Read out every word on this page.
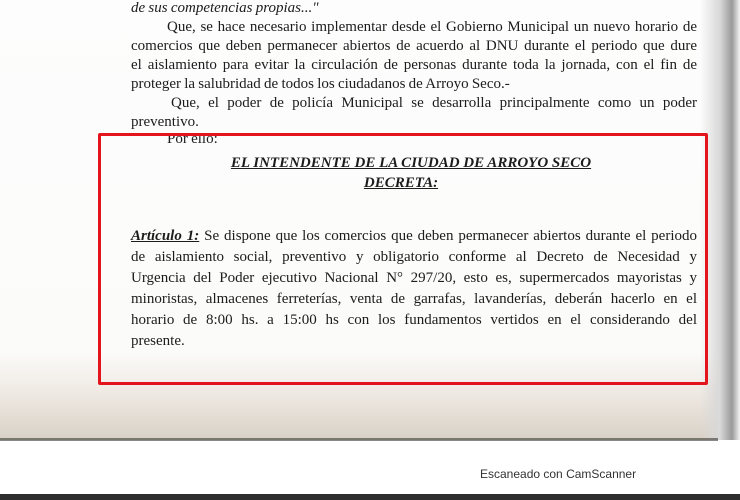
de sus competencias propias..."
Que, se hace necesario implementar desde el Gobierno Municipal un nuevo horario de
comercios que deben permanecer abiertos de acuerdo al DNU durante el periodo que dure
el aislamiento para evitar la circulación de personas durante toda la jornada, con el fin de
proteger la salubridad de todos los ciudadanos de Arroyo Seco.-
Que, el poder de policía Municipal se desarrolla principalmente como un poder
preventivo.
Por ello:
EL INTENDENTE DE LA CIUDAD DE ARROYO SECO
DECRETA:
Artículo 1: Se dispone que los comercios que deben permanecer abiertos durante el periodo
de aislamiento social, preventivo y obligatorio conforme al Decreto de Necesidad y
Urgencia del Poder ejecutivo Nacional N° 297/20, esto es, supermercados mayoristas y
minoristas, almacenes ferreterías, venta de garrafas, lavanderías, deberán hacerlo en el
horario de 8:00 hs. a 15:00 hs con los fundamentos vertidos en el considerando del
presente.
Escaneado con CamScanner
